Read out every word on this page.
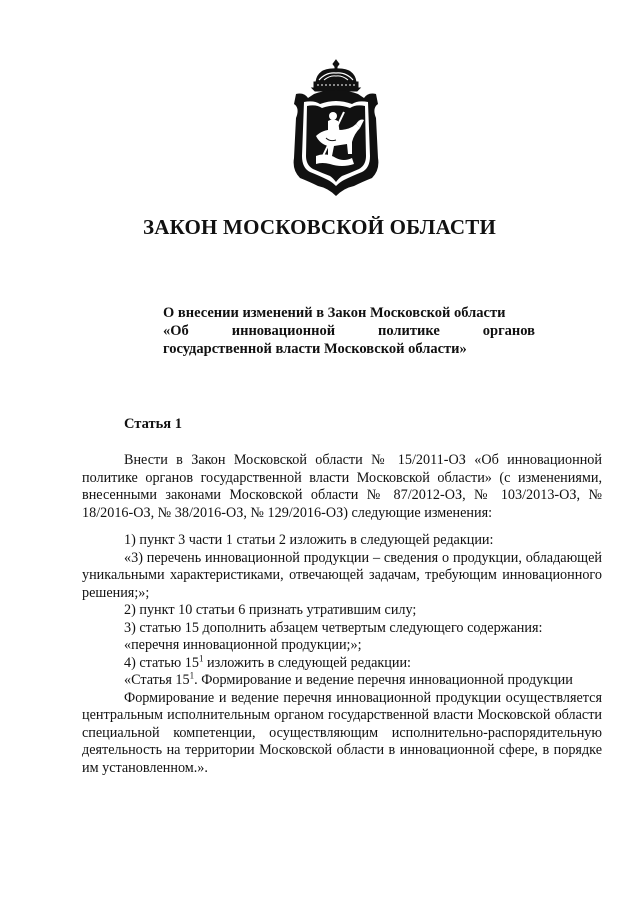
ЗАКОН МОСКОВСКОЙ ОБЛАСТИ
О внесении изменений в Закон Московской области
«Об инновационной политике органов
государственной власти Московской области»
Статья 1

Внести в Закон Московской области № 15/2011-ОЗ «Об инновационной политике органов государственной власти Московской области» (с изменениями, внесенными законами Московской области № 87/2012-ОЗ, № 103/2013-ОЗ, № 18/2016-ОЗ, № 38/2016-ОЗ, № 129/2016-ОЗ) следующие изменения:

1) пункт 3 части 1 статьи 2 изложить в следующей редакции:

«3) перечень инновационной продукции – сведения о продукции, обладающей уникальными характеристиками, отвечающей задачам, требующим инновационного решения;»;

2) пункт 10 статьи 6 признать утратившим силу;

3) статью 15 дополнить абзацем четвертым следующего содержания:

«перечня инновационной продукции;»;

4) статью $15^1$ изложить в следующей редакции:

«Статья $15^1$. Формирование и ведение перечня инновационной продукции

Формирование и ведение перечня инновационной продукции осуществляется центральным исполнительным органом государственной власти Московской области специальной компетенции, осуществляющим исполнительно-распорядительную деятельность на территории Московской области в инновационной сфере, в порядке им установленном.».
